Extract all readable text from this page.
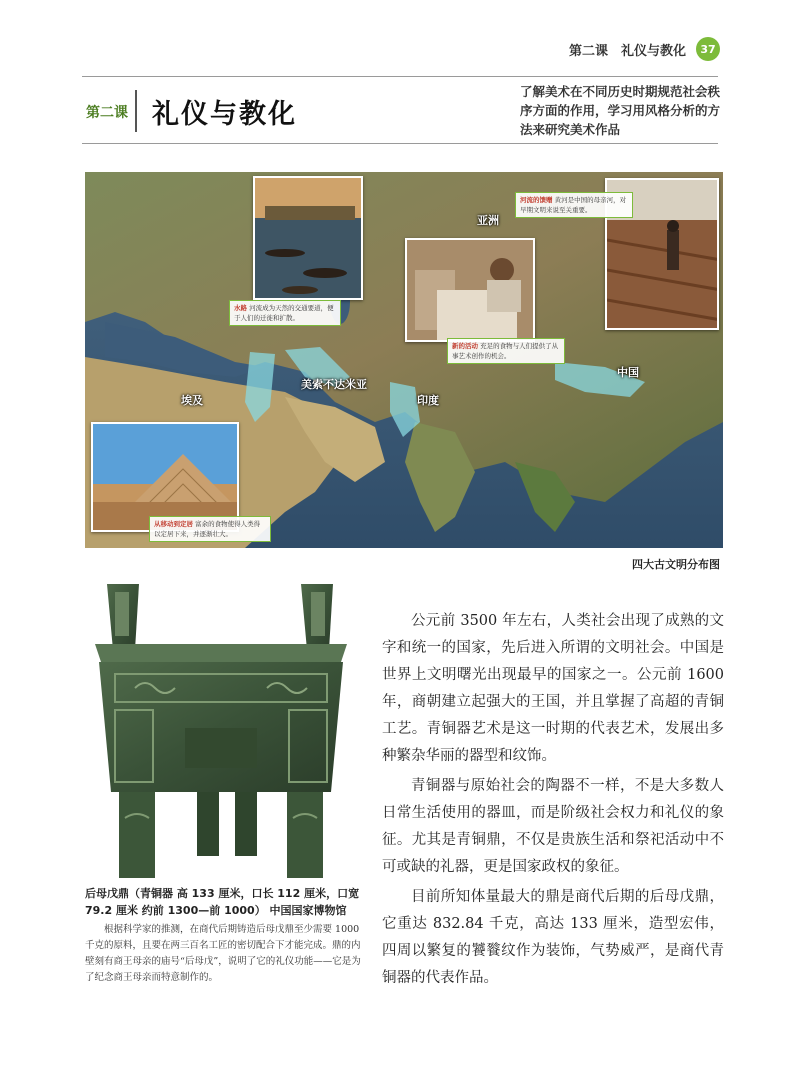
第二课　礼仪与教化	37
第二课 礼仪与教化
了解美术在不同历史时期规范社会秩序方面的作用，学习用风格分析的方法来研究美术作品
水路 河流成为天然的交通要道，便于人们的迁徙和扩散。
河流的馈赠 黄河是中国的母亲河，对早期文明来说至关重要。
新的活动 充足的食物与人们提供了从事艺术创作的机会。
从移动到定居 富余的食物使得人类得以定居下来，并逐渐壮大。
亚洲
美索不达米亚
埃及	印度
中国
四大古文明分布图
后母戊鼎（青铜器 高 133 厘米，口长 112 厘米，口宽 79.2 厘米 约前 1300—前 1000） 中国国家博物馆
根据科学家的推测，在商代后期铸造后母戊鼎至少需要 1000 千克的原料，且要在两三百名工匠的密切配合下才能完成。鼎的内壁刻有商王母亲的庙号“后母戊”，说明了它的礼仪功能——它是为了纪念商王母亲而特意制作的。

公元前 3500 年左右，人类社会出现了成熟的文字和统一的国家，先后进入所谓的文明社会。中国是世界上文明曙光出现最早的国家之一。公元前 1600 年，商朝建立起强大的王国，并且掌握了高超的青铜工艺。青铜器艺术是这一时期的代表艺术，发展出多种繁杂华丽的器型和纹饰。

青铜器与原始社会的陶器不一样，不是大多数人日常生活使用的器皿，而是阶级社会权力和礼仪的象征。尤其是青铜鼎，不仅是贵族生活和祭祀活动中不可或缺的礼器，更是国家政权的象征。

目前所知体量最大的鼎是商代后期的后母戊鼎，它重达 832.84 千克，高达 133 厘米，造型宏伟，四周以繁复的饕餮纹作为装饰，气势威严，是商代青铜器的代表作品。
